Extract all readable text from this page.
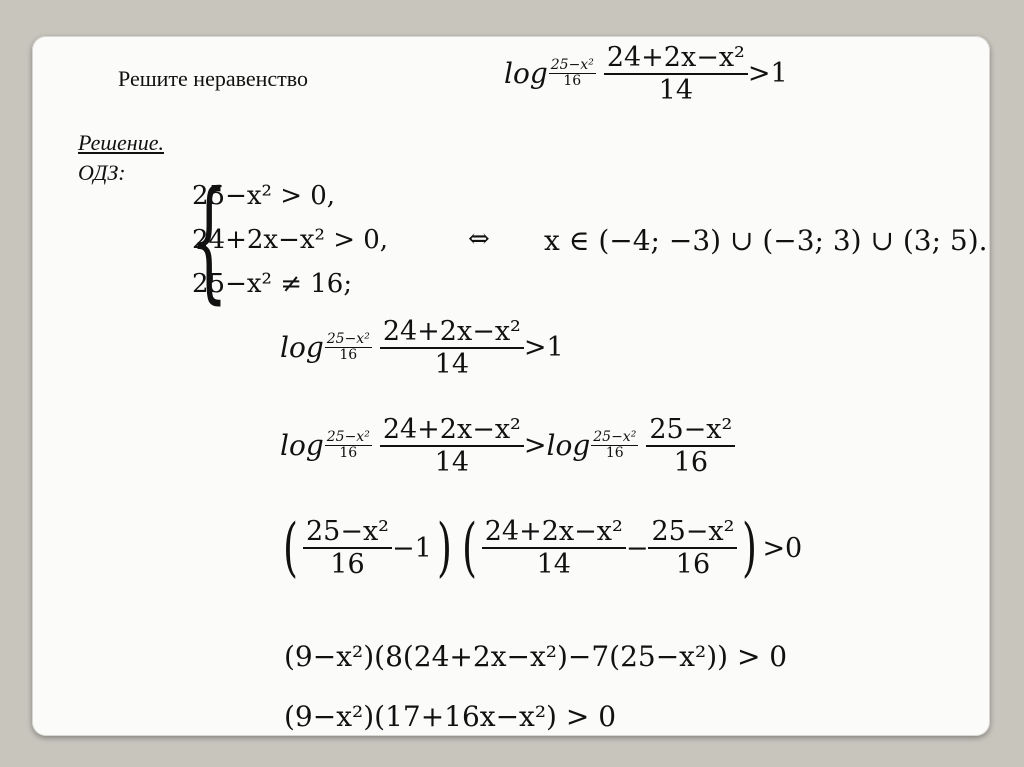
Решите неравенство	$\log \frac{\text{25−x²}}{16} \frac{\text{24+2x−x²}}{14} >1$
Решение.
ОДЗ: {
25−x² > 0,
24+2x−x² > 0,
25−x² ≠ 16;
⇔ x ∈ (−4; −3) ∪ (−3; 3) ∪ (3; 5).
$\log \frac{\text{25−x²}}{16} \frac{\text{24+2x−x²}}{14} >1$
$\log \frac{\text{25−x²}}{16} \frac{\text{24+2x−x²}}{14} > \log \frac{\text{25−x²}}{16} \frac{\text{25−x²}}{16}$
( $\frac{\text{25−x²}}{16} -1$ ) ( $\frac{\text{24+2x−x²}}{14} - \frac{\text{25−x²}}{16}$ ) >0
(9−x²)(8(24+2x−x²)−7(25−x²)) > 0
(9−x²)(17+16x−x²) > 0
